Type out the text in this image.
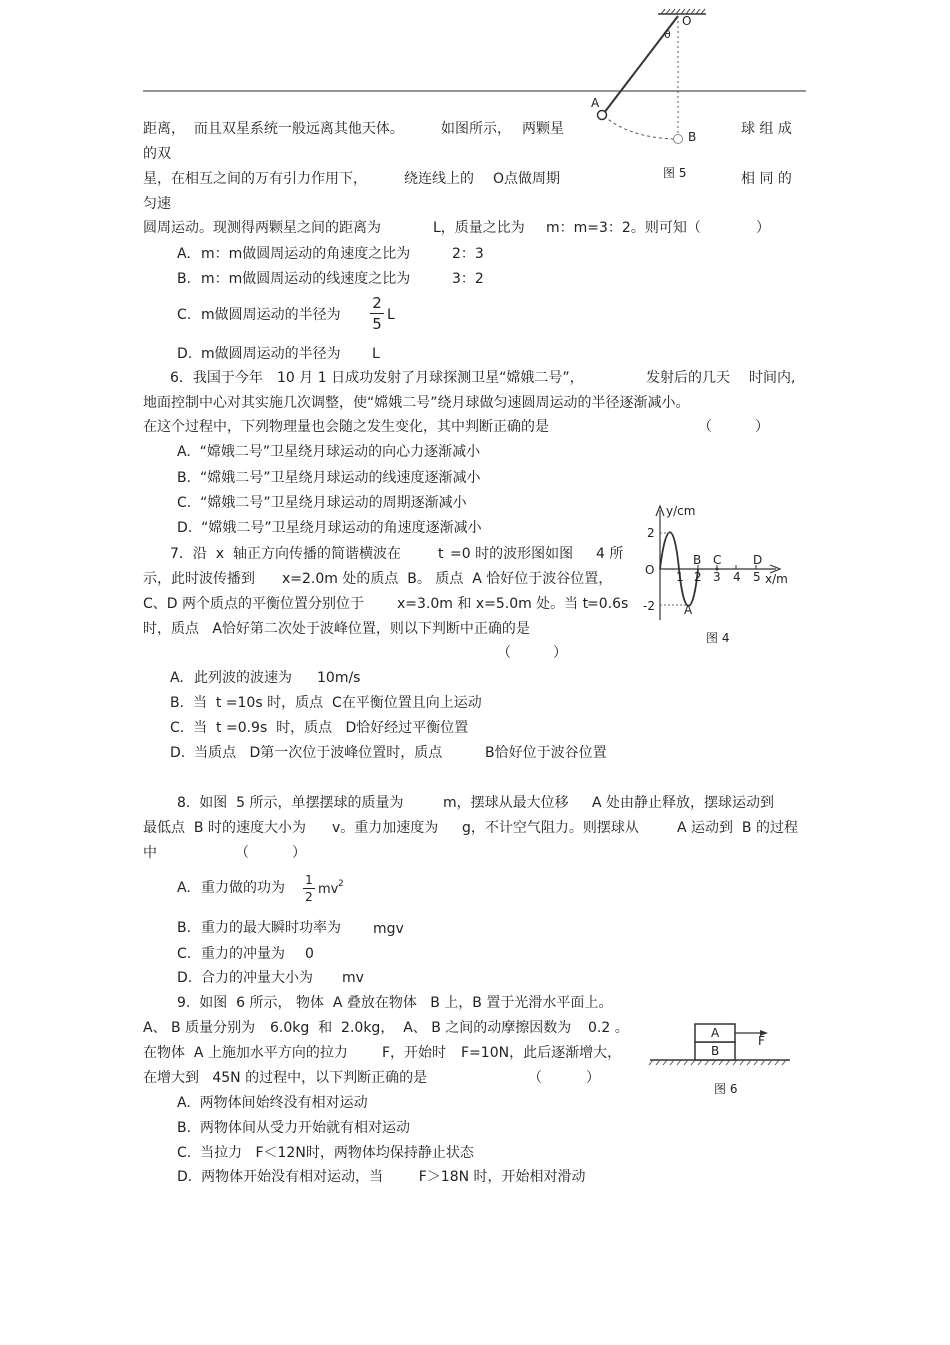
O
θ
A
B
图 5
距离，  而且双星系统一般远离其他天体。	如图所示， 两颗星	球 组 成
的双
星，在相互之间的万有引力作用下，	绕连线上的 O点做周期	相 同 的
匀速
圆周运动。现测得两颗星之间的距离为	L，质量之比为 m：m=3：2。则可知（	）
A. m：m做圆周运动的角速度之比为	2：3
B. m：m做圆周运动的线速度之比为	3：2
C. m做圆周运动的半径为
2
5 L
D. m做圆周运动的半径为 L
6．我国于今年 10 月 1 日成功发射了月球探测卫星“嫦娥二号”，	发射后的几天 时间内,
地面控制中心对其实施几次调整，使“嫦娥二号”绕月球做匀速圆周运动的半径逐渐减小。
在这个过程中，下列物理量也会随之发生变化，其中判断正确的是	（	）
A.  “嫦娥二号”卫星绕月球运动的向心力逐渐减小
B.  “嫦娥二号”卫星绕月球运动的线速度逐渐减小
C.  “嫦娥二号”卫星绕月球运动的周期逐渐减小
D.  “嫦娥二号”卫星绕月球运动的角速度逐渐减小
y/cm
2
O
-2
1 2 3 4 5 x/m
B C	D
A
图 4
7．沿  x  轴正方向传播的简谐横波在	t =0 时的波形图如图 4 所
示，此时波传播到 x=2.0m 处的质点  B。 质点  A 恰好位于波谷位置，
C、D 两个质点的平衡位置分别位于 x=3.0m 和 x=5.0m 处。当 t
=0.6s
时，质点   A恰好第二次处于波峰位置，则以下判断中正确的是
（	）
A. 此列波的波速为 10m/s
B.  当  t =10s 时，质点  C在平衡位置且向上运动
C.  当  t =0.9s  时，质点   D恰好经过平衡位置
D.  当质点   D第一次位于波峰位置时，质点	B恰好位于波谷位置
8.  如图  5 所示，单摆摆球的质量为	m，摆球从最大位移 A 处由静止释放，摆球运动到
最低点  B 时的速度大小为 v。重力加速度为 g，不计空气阻力。则摆球从	A 运动到  B 的过程
中	（	）
A. 重力做的功为 1
2 mv 2
B. 重力的最大瞬时功率为 mgv
C. 重力的冲量为 0
D. 合力的冲量大小为 mv
9.  如图  6 所示， 物体  A 叠放在物体   B 上，B 置于光滑水平面上。
A、 B 质量分别为 6.0kg  和  2.0kg，  A、 B 之间的动摩擦因数为 0.2 。
在物体  A 上施加水平方向的拉力 F，开始时 F=10N，此后逐渐增大，
在增大到   45N 的过程中，以下判断正确的是	（	）
A.  两物体间始终没有相对运动
B.  两物体间从受力开始就有相对运动
C.  当拉力   F＜12N时，两物体均保持静止状态
D.  两物体开始没有相对运动，当        F＞18N 时，开始相对滑动
A
B
F
图 6
